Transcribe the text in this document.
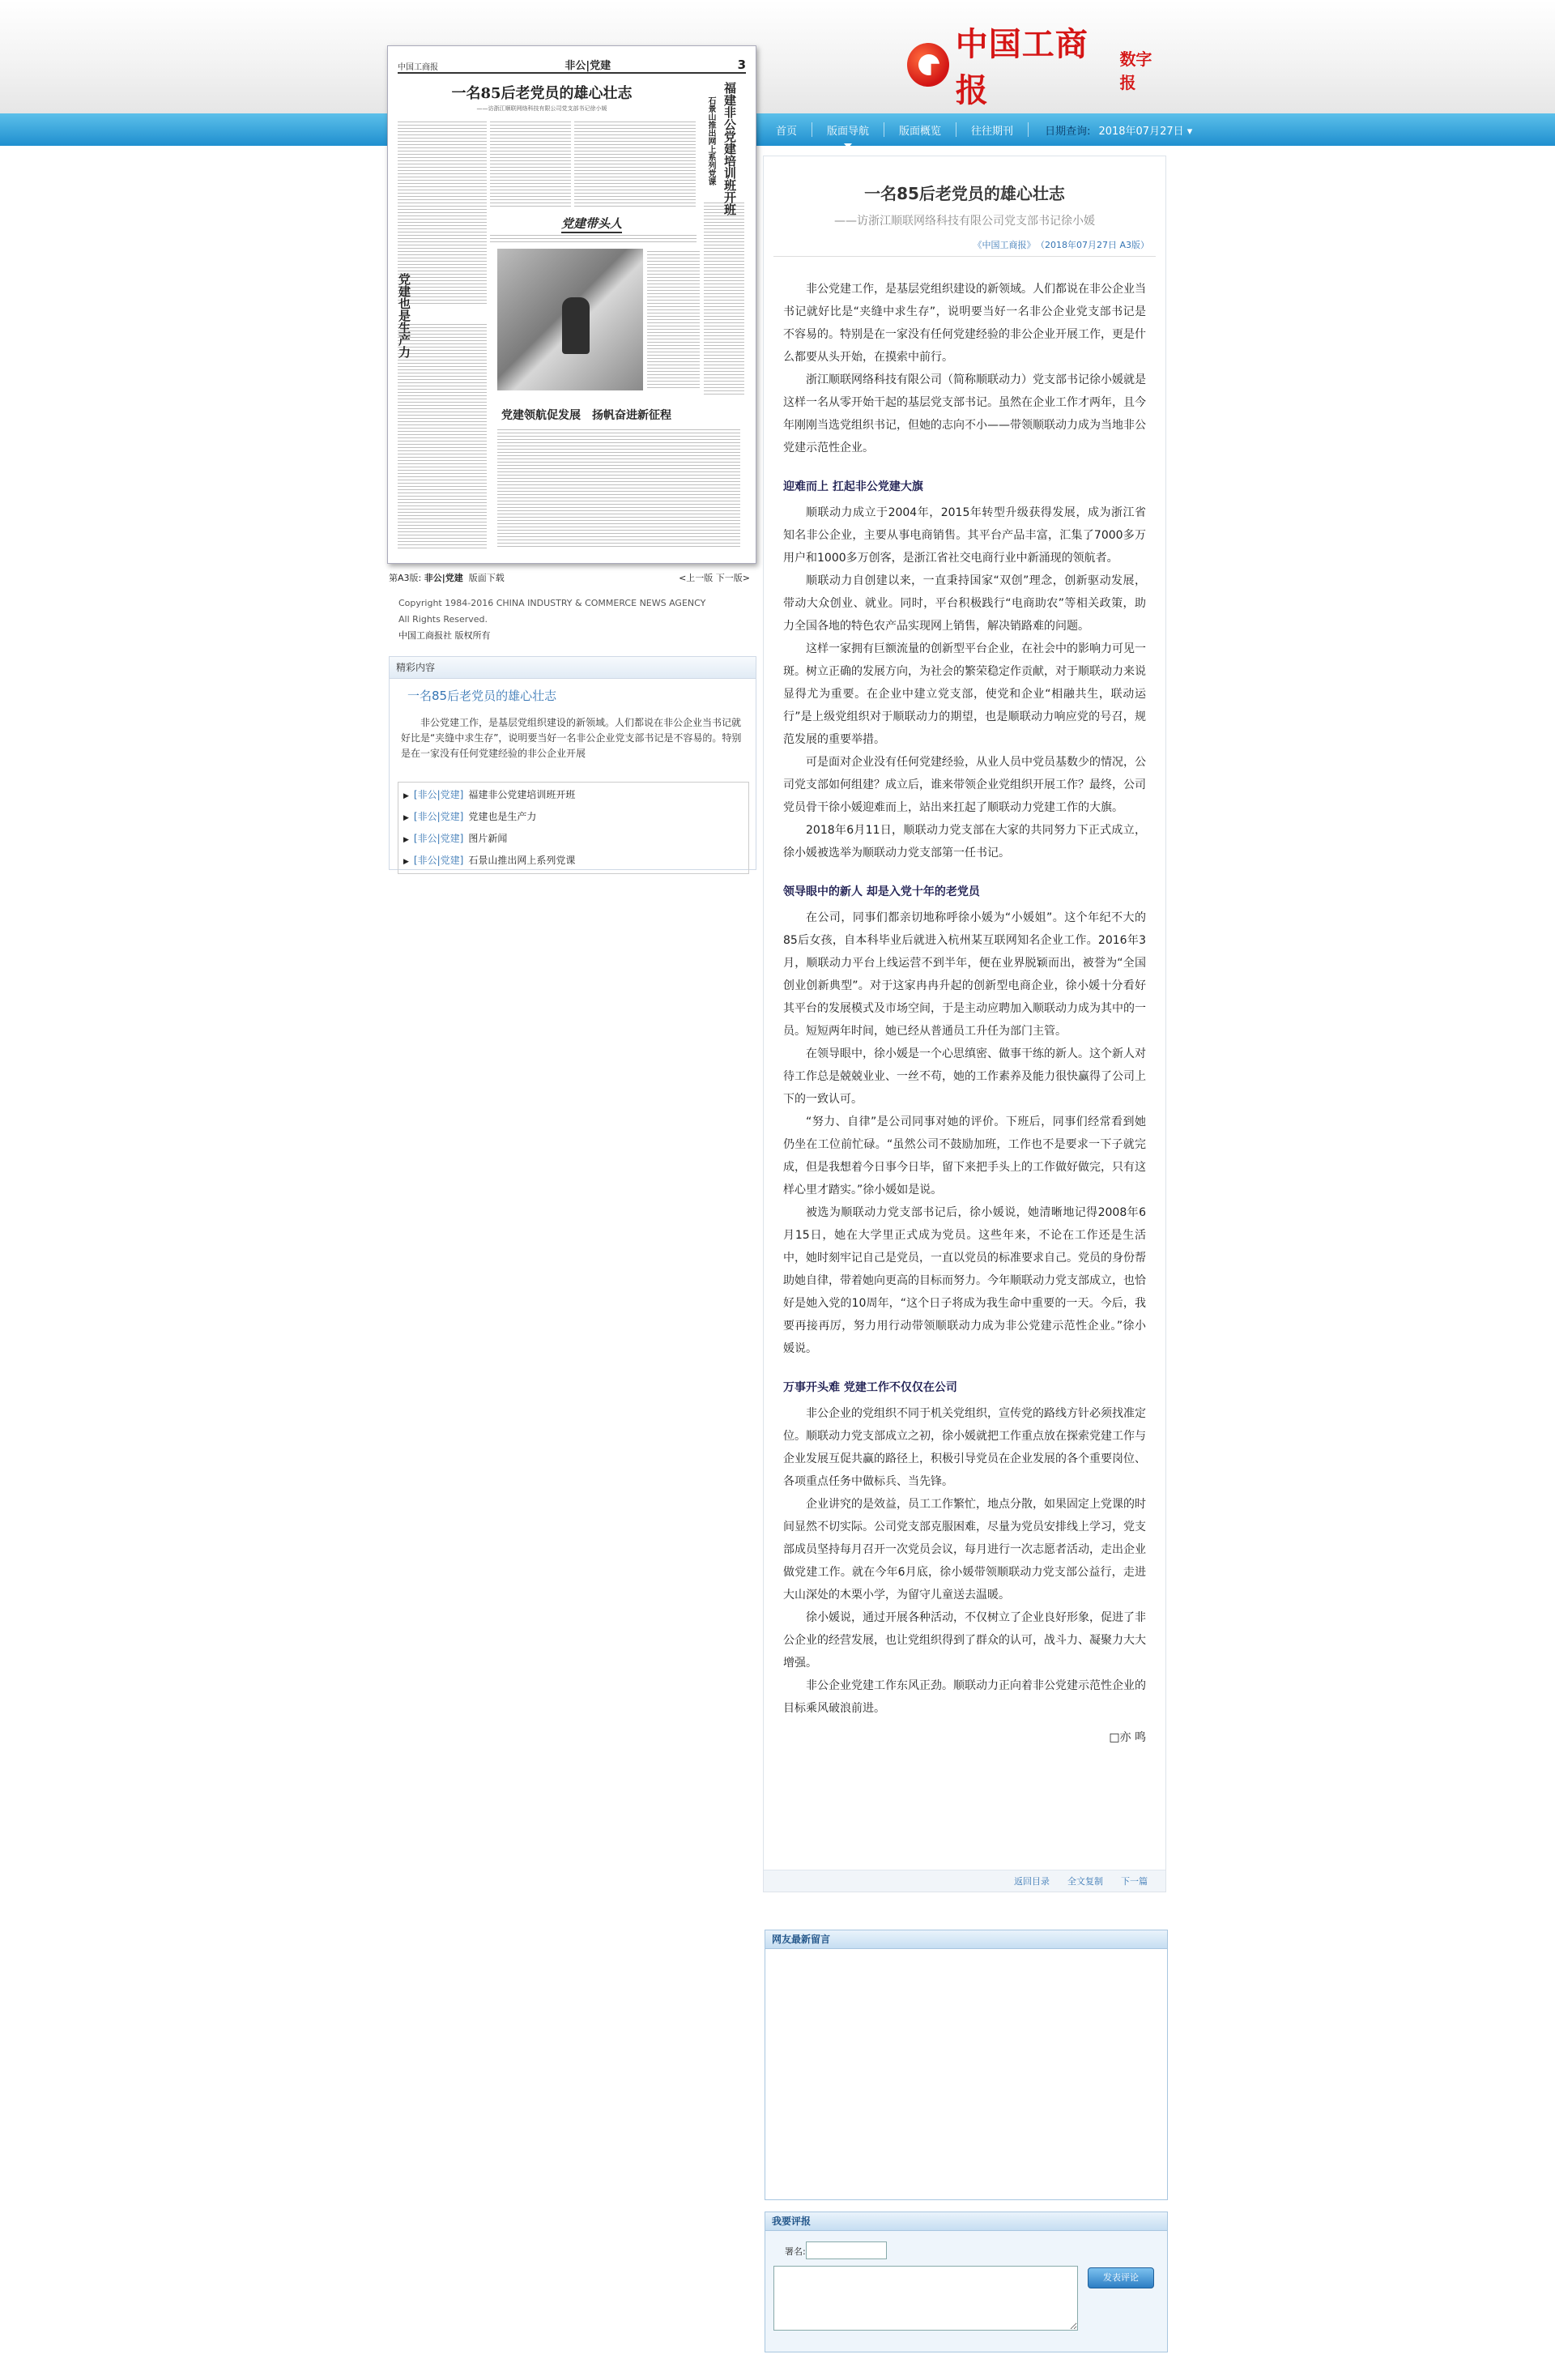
中国工商报
数字报
首页	版面导航	版面概览	往往期刊	日期查询: 2018年07月27日 ▾
中国工商报	非公|党建	3
一名85后老党员的雄心壮志
——访浙江顺联网络科技有限公司党支部书记徐小媛	福建非公党建培训班开班
石景山推出网上系列党课
党建也是生产力
党建带头人
党建领航促发展　扬帆奋进新征程
第A3版: 非公|党建 版面下载	<上一版 下一版>
Copyright 1984-2016 CHINA INDUSTRY & COMMERCE NEWS AGENCY
All Rights Reserved.
中国工商报社 版权所有
精彩内容
一名85后老党员的雄心壮志
非公党建工作，是基层党组织建设的新领域。人们都说在非公企业当书记就好比是“夹缝中求生存”，说明要当好一名非公企业党支部书记是不容易的。特别是在一家没有任何党建经验的非公企业开展
▶ [非公|党建] 福建非公党建培训班开班
▶ [非公|党建] 党建也是生产力
▶ [非公|党建] 图片新闻
▶ [非公|党建] 石景山推出网上系列党课
一名85后老党员的雄心壮志
——访浙江顺联网络科技有限公司党支部书记徐小媛
《中国工商报》 （2018年07月27日 A3版）

非公党建工作，是基层党组织建设的新领域。人们都说在非公企业当书记就好比是“夹缝中求生存”，说明要当好一名非公企业党支部书记是不容易的。特别是在一家没有任何党建经验的非公企业开展工作，更是什么都要从头开始，在摸索中前行。

浙江顺联网络科技有限公司（简称顺联动力）党支部书记徐小媛就是这样一名从零开始干起的基层党支部书记。虽然在企业工作才两年，且今年刚刚当选党组织书记，但她的志向不小——带领顺联动力成为当地非公党建示范性企业。

迎难而上 扛起非公党建大旗

顺联动力成立于2004年，2015年转型升级获得发展，成为浙江省知名非公企业，主要从事电商销售。其平台产品丰富，汇集了7000多万用户和1000多万创客，是浙江省社交电商行业中新涌现的领航者。

顺联动力自创建以来，一直秉持国家“双创”理念，创新驱动发展，带动大众创业、就业。同时，平台积极践行“电商助农”等相关政策，助力全国各地的特色农产品实现网上销售，解决销路难的问题。

这样一家拥有巨额流量的创新型平台企业，在社会中的影响力可见一斑。树立正确的发展方向，为社会的繁荣稳定作贡献，对于顺联动力来说显得尤为重要。在企业中建立党支部，使党和企业“相融共生，联动运行”是上级党组织对于顺联动力的期望，也是顺联动力响应党的号召，规范发展的重要举措。

可是面对企业没有任何党建经验，从业人员中党员基数少的情况，公司党支部如何组建？成立后，谁来带领企业党组织开展工作？最终，公司党员骨干徐小媛迎难而上，站出来扛起了顺联动力党建工作的大旗。

2018年6月11日，顺联动力党支部在大家的共同努力下正式成立，徐小媛被选举为顺联动力党支部第一任书记。

领导眼中的新人 却是入党十年的老党员

在公司，同事们都亲切地称呼徐小媛为“小媛姐”。这个年纪不大的85后女孩，自本科毕业后就进入杭州某互联网知名企业工作。2016年3月，顺联动力平台上线运营不到半年，便在业界脱颖而出，被誉为“全国创业创新典型”。对于这家冉冉升起的创新型电商企业，徐小媛十分看好其平台的发展模式及市场空间，于是主动应聘加入顺联动力成为其中的一员。短短两年时间，她已经从普通员工升任为部门主管。

在领导眼中，徐小媛是一个心思缜密、做事干练的新人。这个新人对待工作总是兢兢业业、一丝不苟，她的工作素养及能力很快赢得了公司上下的一致认可。

“努力、自律”是公司同事对她的评价。下班后，同事们经常看到她仍坐在工位前忙碌。“虽然公司不鼓励加班，工作也不是要求一下子就完成，但是我想着今日事今日毕，留下来把手头上的工作做好做完，只有这样心里才踏实。”徐小媛如是说。

被选为顺联动力党支部书记后，徐小媛说，她清晰地记得2008年6月15日，她在大学里正式成为党员。这些年来，不论在工作还是生活中，她时刻牢记自己是党员，一直以党员的标准要求自己。党员的身份帮助她自律，带着她向更高的目标而努力。今年顺联动力党支部成立，也恰好是她入党的10周年，“这个日子将成为我生命中重要的一天。今后，我要再接再厉，努力用行动带领顺联动力成为非公党建示范性企业。”徐小媛说。

万事开头难 党建工作不仅仅在公司

非公企业的党组织不同于机关党组织，宣传党的路线方针必须找准定位。顺联动力党支部成立之初，徐小媛就把工作重点放在探索党建工作与企业发展互促共赢的路径上，积极引导党员在企业发展的各个重要岗位、各项重点任务中做标兵、当先锋。

企业讲究的是效益，员工工作繁忙，地点分散，如果固定上党课的时间显然不切实际。公司党支部克服困难，尽量为党员安排线上学习，党支部成员坚持每月召开一次党员会议，每月进行一次志愿者活动，走出企业做党建工作。就在今年6月底，徐小媛带领顺联动力党支部公益行，走进大山深处的木栗小学，为留守儿童送去温暖。

徐小媛说，通过开展各种活动，不仅树立了企业良好形象，促进了非公企业的经营发展，也让党组织得到了群众的认可，战斗力、凝聚力大大增强。

非公企业党建工作东风正劲。顺联动力正向着非公党建示范性企业的目标乘风破浪前进。

□亦 鸣
返回目录 全文复制 下一篇
网友最新留言
我要评报
署名:
发表评论
